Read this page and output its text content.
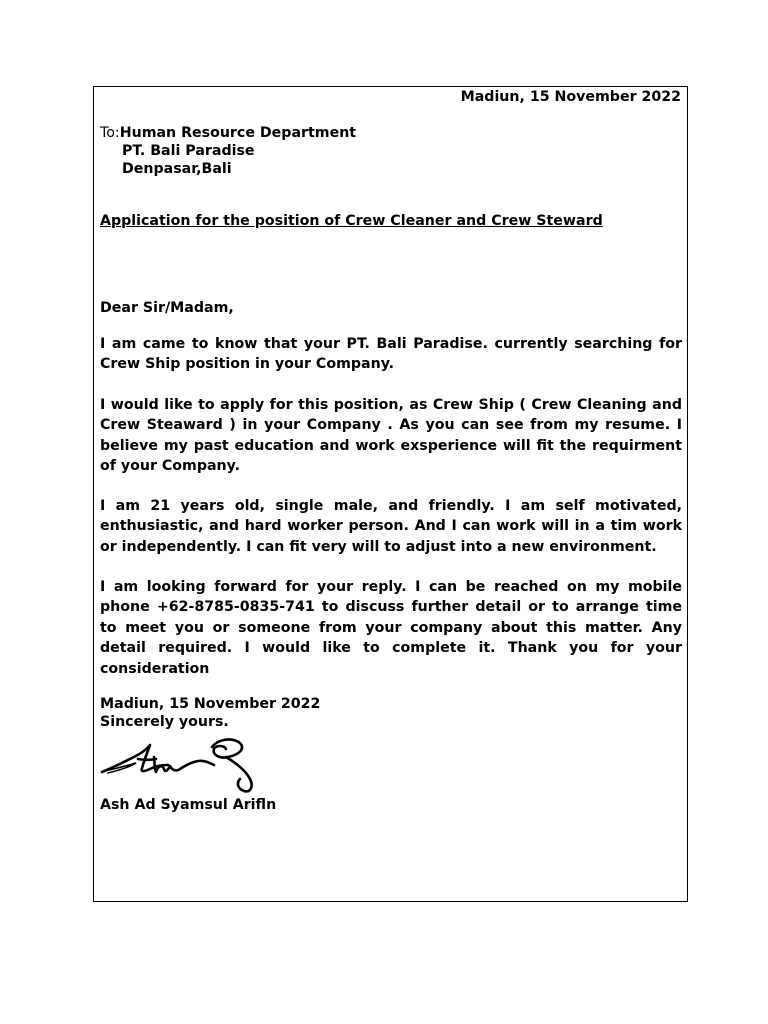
Madiun, 15 November 2022
To:Human Resource Department
PT. Bali Paradise
Denpasar,Bali
Application for the position of Crew Cleaner and Crew Steward
Dear Sir/Madam,

I am came to know that your PT. Bali Paradise. currently searching for Crew Ship position in your Company.

I would like to apply for this position, as Crew Ship ( Crew Cleaning and Crew Steaward ) in your Company . As you can see from my resume. I believe my past education and work exsperience will fit the requirment of your Company.

I am 21 years old, single male, and friendly. I am self motivated, enthusiastic, and hard worker person. And I can work will in a tim work or independently. I can fit very will to adjust into a new environment.

I am looking forward for your reply. I can be reached on my mobile phone +62-8785-0835-741 to discuss further detail or to arrange time to meet you or someone from your company about this matter. Any detail required. I would like to complete it. Thank you for your consideration

Madiun, 15 November 2022
Sincerely yours.
Ash Ad Syamsul Arifln
